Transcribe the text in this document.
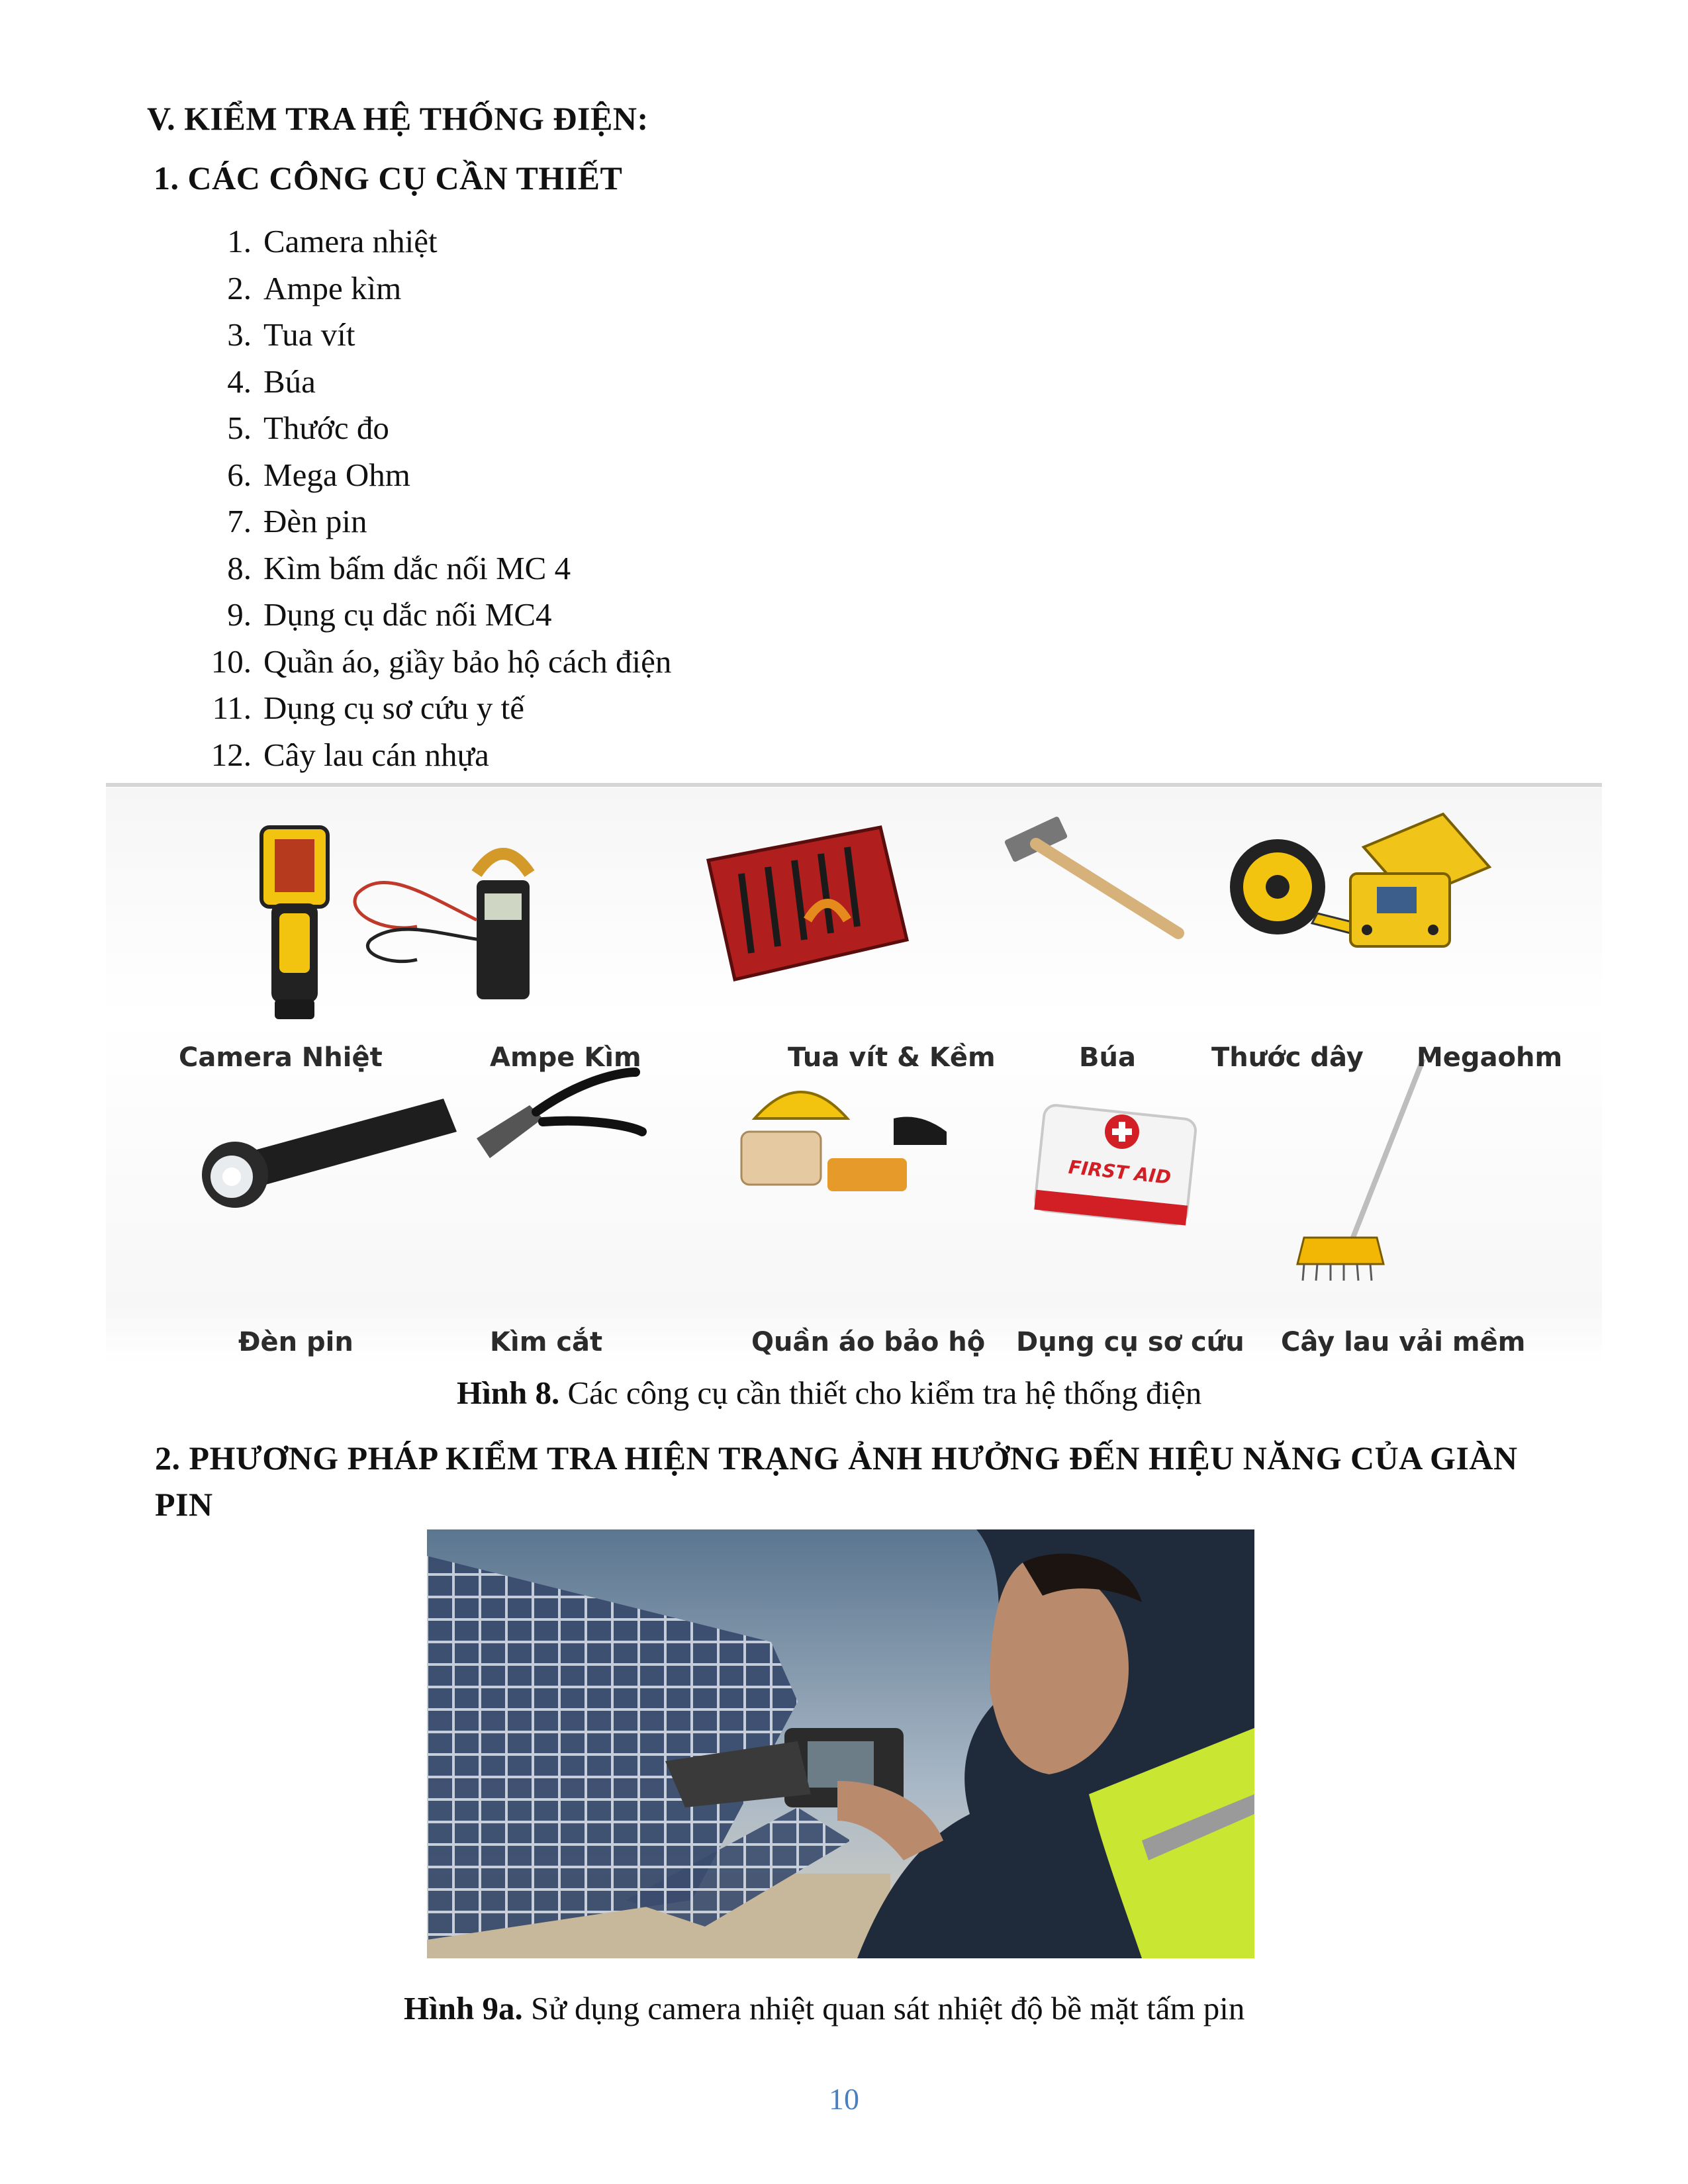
V. KIỂM TRA HỆ THỐNG ĐIỆN:
1. CÁC CÔNG CỤ CẦN THIẾT
1. Camera nhiệt
2. Ampe kìm
3. Tua vít
4. Búa
5. Thước đo
6. Mega Ohm
7. Đèn pin
8. Kìm bấm dắc nối MC 4
9. Dụng cụ dắc nối MC4
10. Quần áo, giầy bảo hộ cách điện
11. Dụng cụ sơ cứu y tế
12. Cây lau cán nhựa
FIRST AID
Camera Nhiệt	Ampe Kìm	Tua vít & Kềm	Búa	Thước dây Megaohm
Đèn pin	Kìm cắt	Quần áo bảo hộ Dụng cụ sơ cứu Cây lau vải mềm
Hình 8. Các công cụ cần thiết cho kiểm tra hệ thống điện
2. PHƯƠNG PHÁP KIỂM TRA HIỆN TRẠNG ẢNH HƯỞNG ĐẾN HIỆU NĂNG CỦA GIÀN
PIN
Hình 9a. Sử dụng camera nhiệt quan sát nhiệt độ bề mặt tấm pin
10
